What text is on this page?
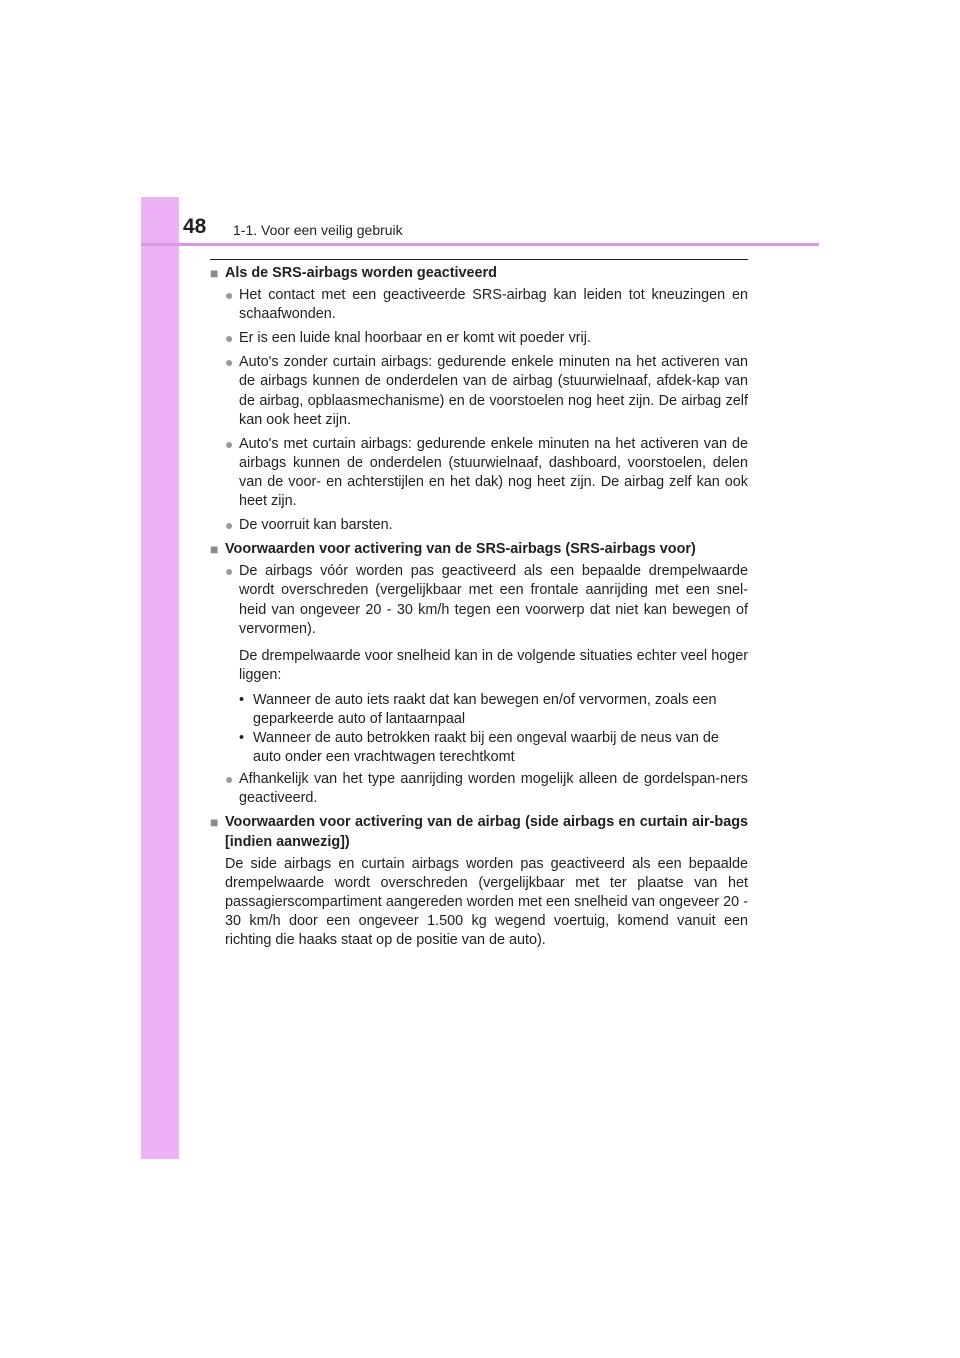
48 1-1. Voor een veilig gebruik
■
Als de SRS-airbags worden geactiveerd
●
Het contact met een geactiveerde SRS-airbag kan leiden tot kneuzingen en schaafwonden.
●
Er is een luide knal hoorbaar en er komt wit poeder vrij.
●
Auto's zonder curtain airbags: gedurende enkele minuten na het activeren van de airbags kunnen de onderdelen van de airbag (stuurwielnaaf, afdek-kap van de airbag, opblaasmechanisme) en de voorstoelen nog heet zijn. De airbag zelf kan ook heet zijn.
●
Auto's met curtain airbags: gedurende enkele minuten na het activeren van de airbags kunnen de onderdelen (stuurwielnaaf, dashboard, voorstoelen, delen van de voor- en achterstijlen en het dak) nog heet zijn. De airbag zelf kan ook heet zijn.
●
De voorruit kan barsten.
■
Voorwaarden voor activering van de SRS-airbags (SRS-airbags voor)
●
De airbags vóór worden pas geactiveerd als een bepaalde drempelwaarde wordt overschreden (vergelijkbaar met een frontale aanrijding met een snel-heid van ongeveer 20 - 30 km/h tegen een voorwerp dat niet kan bewegen of vervormen).
De drempelwaarde voor snelheid kan in de volgende situaties echter veel hoger liggen:
•
Wanneer de auto iets raakt dat kan bewegen en/of vervormen, zoals een geparkeerde auto of lantaarnpaal
•
Wanneer de auto betrokken raakt bij een ongeval waarbij de neus van de auto onder een vrachtwagen terechtkomt
●
Afhankelijk van het type aanrijding worden mogelijk alleen de gordelspan-ners geactiveerd.
■
Voorwaarden voor activering van de airbag (side airbags en curtain air-bags [indien aanwezig])
De side airbags en curtain airbags worden pas geactiveerd als een bepaalde drempelwaarde wordt overschreden (vergelijkbaar met ter plaatse van het passagierscompartiment aangereden worden met een snelheid van ongeveer 20 - 30 km/h door een ongeveer 1.500 kg wegend voertuig, komend vanuit een richting die haaks staat op de positie van de auto).
